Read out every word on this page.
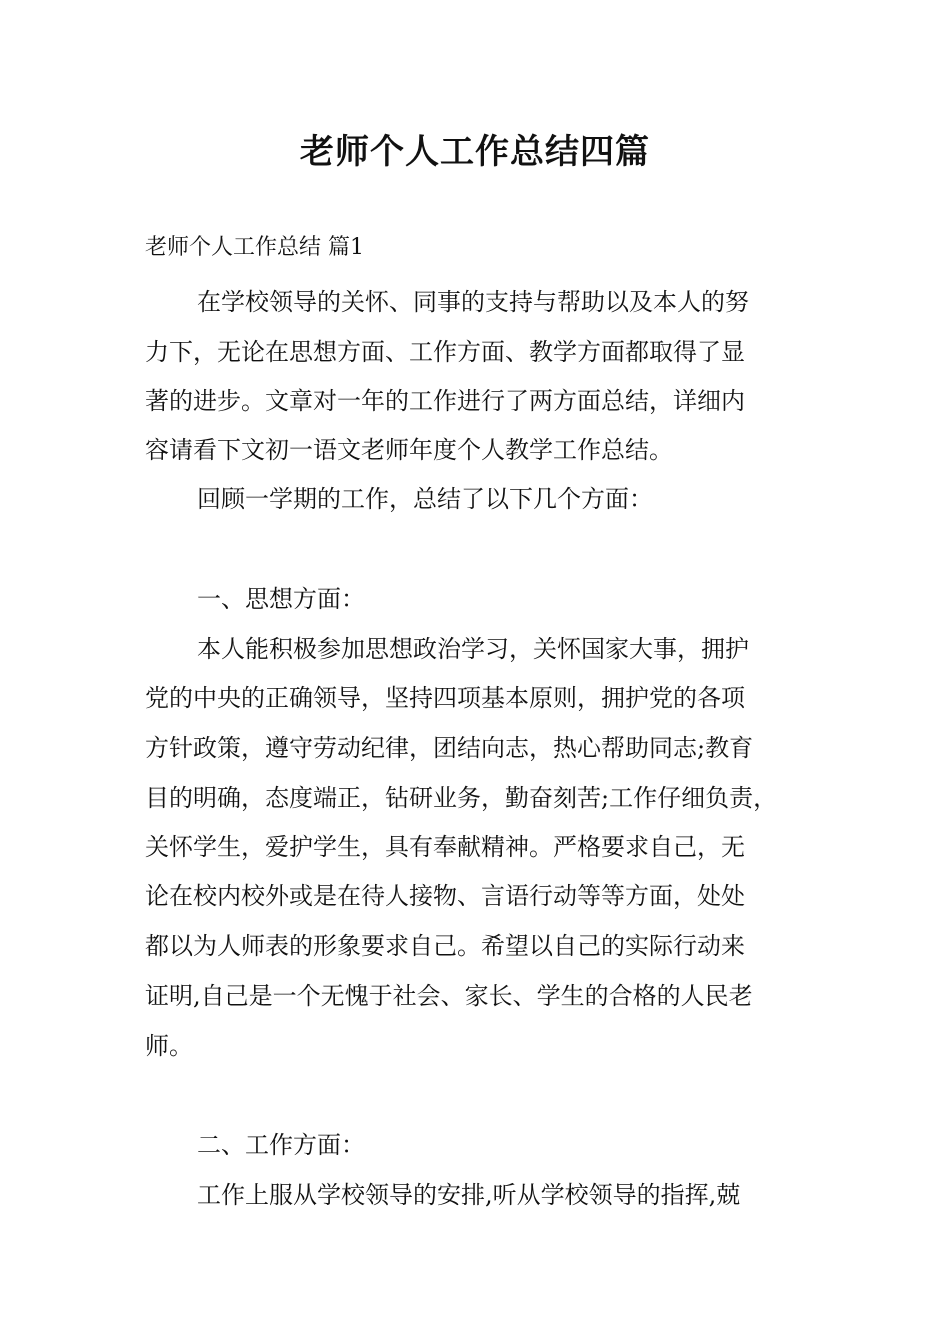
老师个人工作总结四篇

老师个人工作总结 篇1

在学校领导的关怀、同事的支持与帮助以及本人的努

力下，无论在思想方面、工作方面、教学方面都取得了显

著的进步。文章对一年的工作进行了两方面总结，详细内

容请看下文初一语文老师年度个人教学工作总结。

回顾一学期的工作，总结了以下几个方面：

一、思想方面：

本人能积极参加思想政治学习，关怀国家大事，拥护

党的中央的正确领导，坚持四项基本原则，拥护党的各项

方针政策，遵守劳动纪律，团结向志，热心帮助同志;教育

目的明确，态度端正，钻研业务，勤奋刻苦;工作仔细负责，

关怀学生，爱护学生，具有奉献精神。严格要求自己，无

论在校内校外或是在待人接物、言语行动等等方面，处处

都以为人师表的形象要求自己。希望以自己的实际行动来

证明,自己是一个无愧于社会、家长、学生的合格的人民老

师。

二、工作方面：

工作上服从学校领导的安排,听从学校领导的指挥,兢
